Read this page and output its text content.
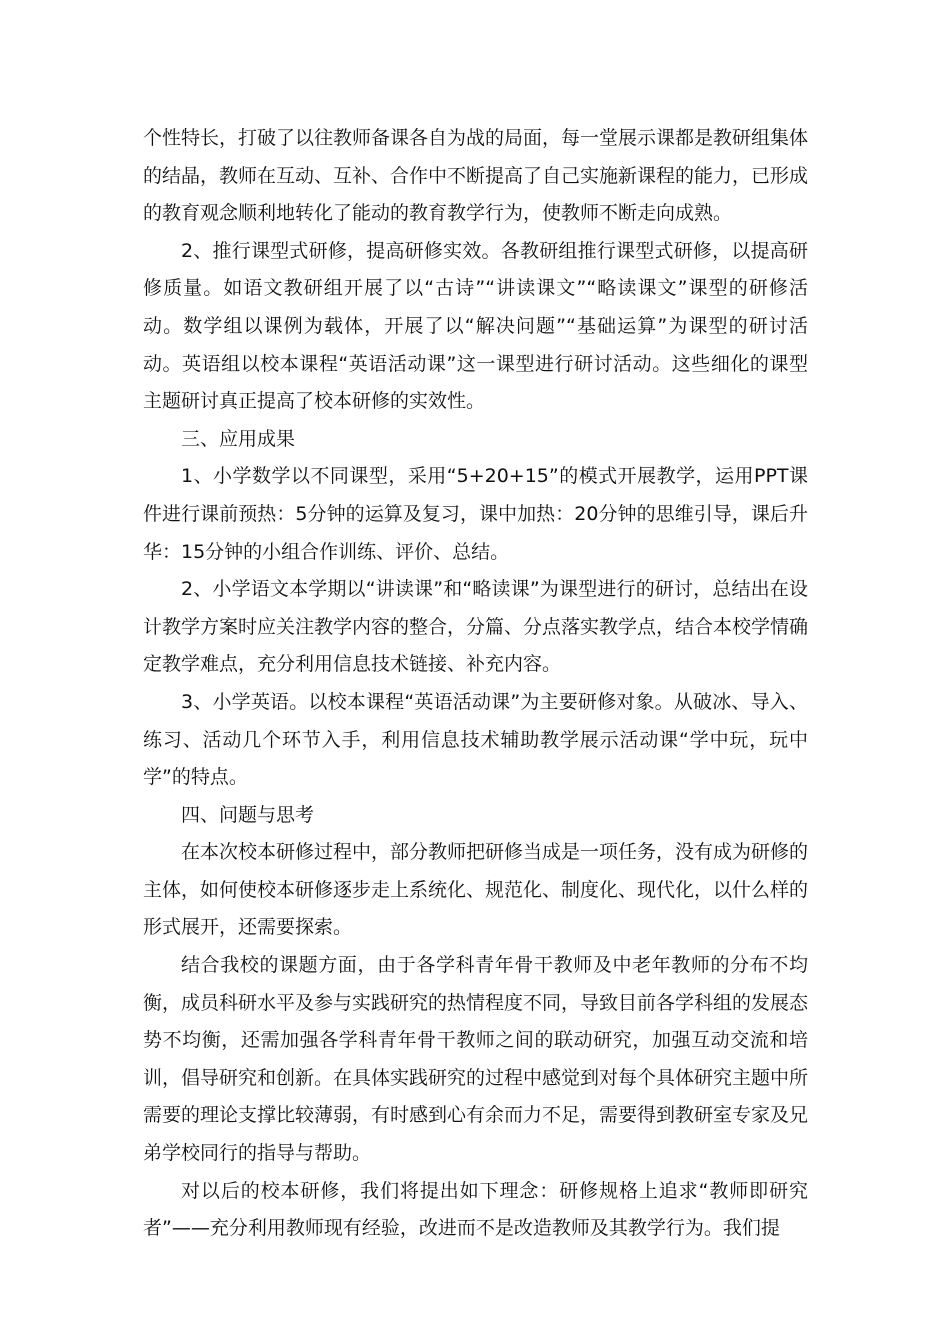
个性特长，打破了以往教师备课各自为战的局面，每一堂展示课都是教研组集体的结晶，教师在互动、互补、合作中不断提高了自己实施新课程的能力，已形成的教育观念顺利地转化了能动的教育教学行为，使教师不断走向成熟。

2、推行课型式研修，提高研修实效。各教研组推行课型式研修，以提高研修质量。如语文教研组开展了以“古诗”“讲读课文”“略读课文”课型的研修活动。数学组以课例为载体，开展了以“解决问题”“基础运算”为课型的研讨活动。英语组以校本课程“英语活动课”这一课型进行研讨活动。这些细化的课型主题研讨真正提高了校本研修的实效性。

三、应用成果

1、小学数学以不同课型，采用“5+20+15”的模式开展教学，运用PPT课件进行课前预热：5分钟的运算及复习，课中加热：20分钟的思维引导，课后升华：15分钟的小组合作训练、评价、总结。

2、小学语文本学期以“讲读课”和“略读课”为课型进行的研讨，总结出在设计教学方案时应关注教学内容的整合，分篇、分点落实教学点，结合本校学情确定教学难点，充分利用信息技术链接、补充内容。

3、小学英语。以校本课程“英语活动课”为主要研修对象。从破冰、导入、练习、活动几个环节入手，利用信息技术辅助教学展示活动课“学中玩，玩中学”的特点。

四、问题与思考

在本次校本研修过程中，部分教师把研修当成是一项任务，没有成为研修的主体，如何使校本研修逐步走上系统化、规范化、制度化、现代化，以什么样的形式展开，还需要探索。

结合我校的课题方面，由于各学科青年骨干教师及中老年教师的分布不均衡，成员科研水平及参与实践研究的热情程度不同，导致目前各学科组的发展态势不均衡，还需加强各学科青年骨干教师之间的联动研究，加强互动交流和培训，倡导研究和创新。在具体实践研究的过程中感觉到对每个具体研究主题中所需要的理论支撑比较薄弱，有时感到心有余而力不足，需要得到教研室专家及兄弟学校同行的指导与帮助。

对以后的校本研修，我们将提出如下理念：研修规格上追求“教师即研究者”——充分利用教师现有经验，改进而不是改造教师及其教学行为。我们提
